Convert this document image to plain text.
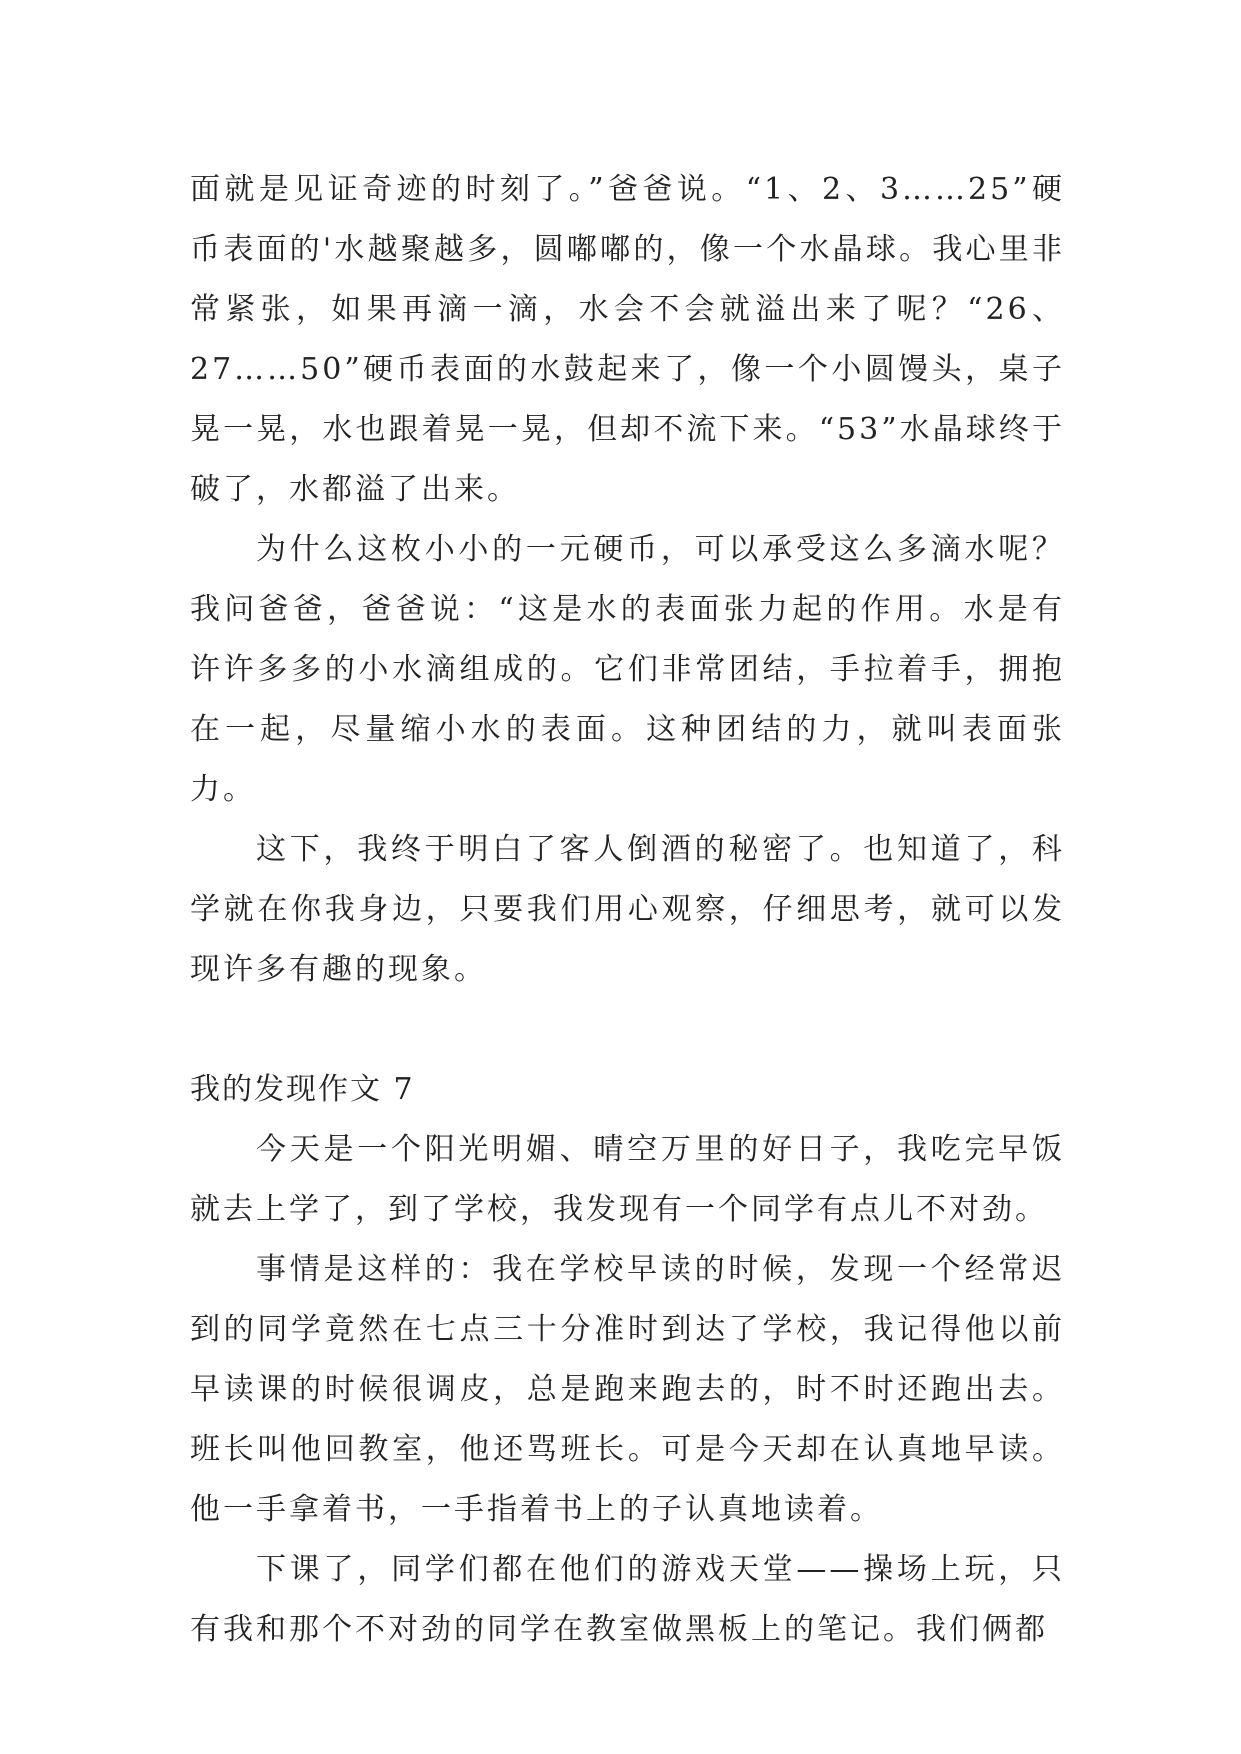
面就是见证奇迹的时刻了。”爸爸说。“1、2、3……25”硬币表面的'水越聚越多，圆嘟嘟的，像一个水晶球。我心里非常紧张，如果再滴一滴，水会不会就溢出来了呢？“26、27……50”硬币表面的水鼓起来了，像一个小圆馒头，桌子晃一晃，水也跟着晃一晃，但却不流下来。“53”水晶球终于破了，水都溢了出来。

为什么这枚小小的一元硬币，可以承受这么多滴水呢？我问爸爸，爸爸说：“这是水的表面张力起的作用。水是有许许多多的小水滴组成的。它们非常团结，手拉着手，拥抱在一起，尽量缩小水的表面。这种团结的力，就叫表面张力。

这下，我终于明白了客人倒酒的秘密了。也知道了，科学就在你我身边，只要我们用心观察，仔细思考，就可以发现许多有趣的现象。

我的发现作文 7

今天是一个阳光明媚、晴空万里的好日子，我吃完早饭就去上学了，到了学校，我发现有一个同学有点儿不对劲。

事情是这样的：我在学校早读的时候，发现一个经常迟到的同学竟然在七点三十分准时到达了学校，我记得他以前早读课的时候很调皮，总是跑来跑去的，时不时还跑出去。班长叫他回教室，他还骂班长。可是今天却在认真地早读。他一手拿着书，一手指着书上的子认真地读着。

下课了，同学们都在他们的游戏天堂——操场上玩，只有我和那个不对劲的同学在教室做黑板上的笔记。我们俩都
